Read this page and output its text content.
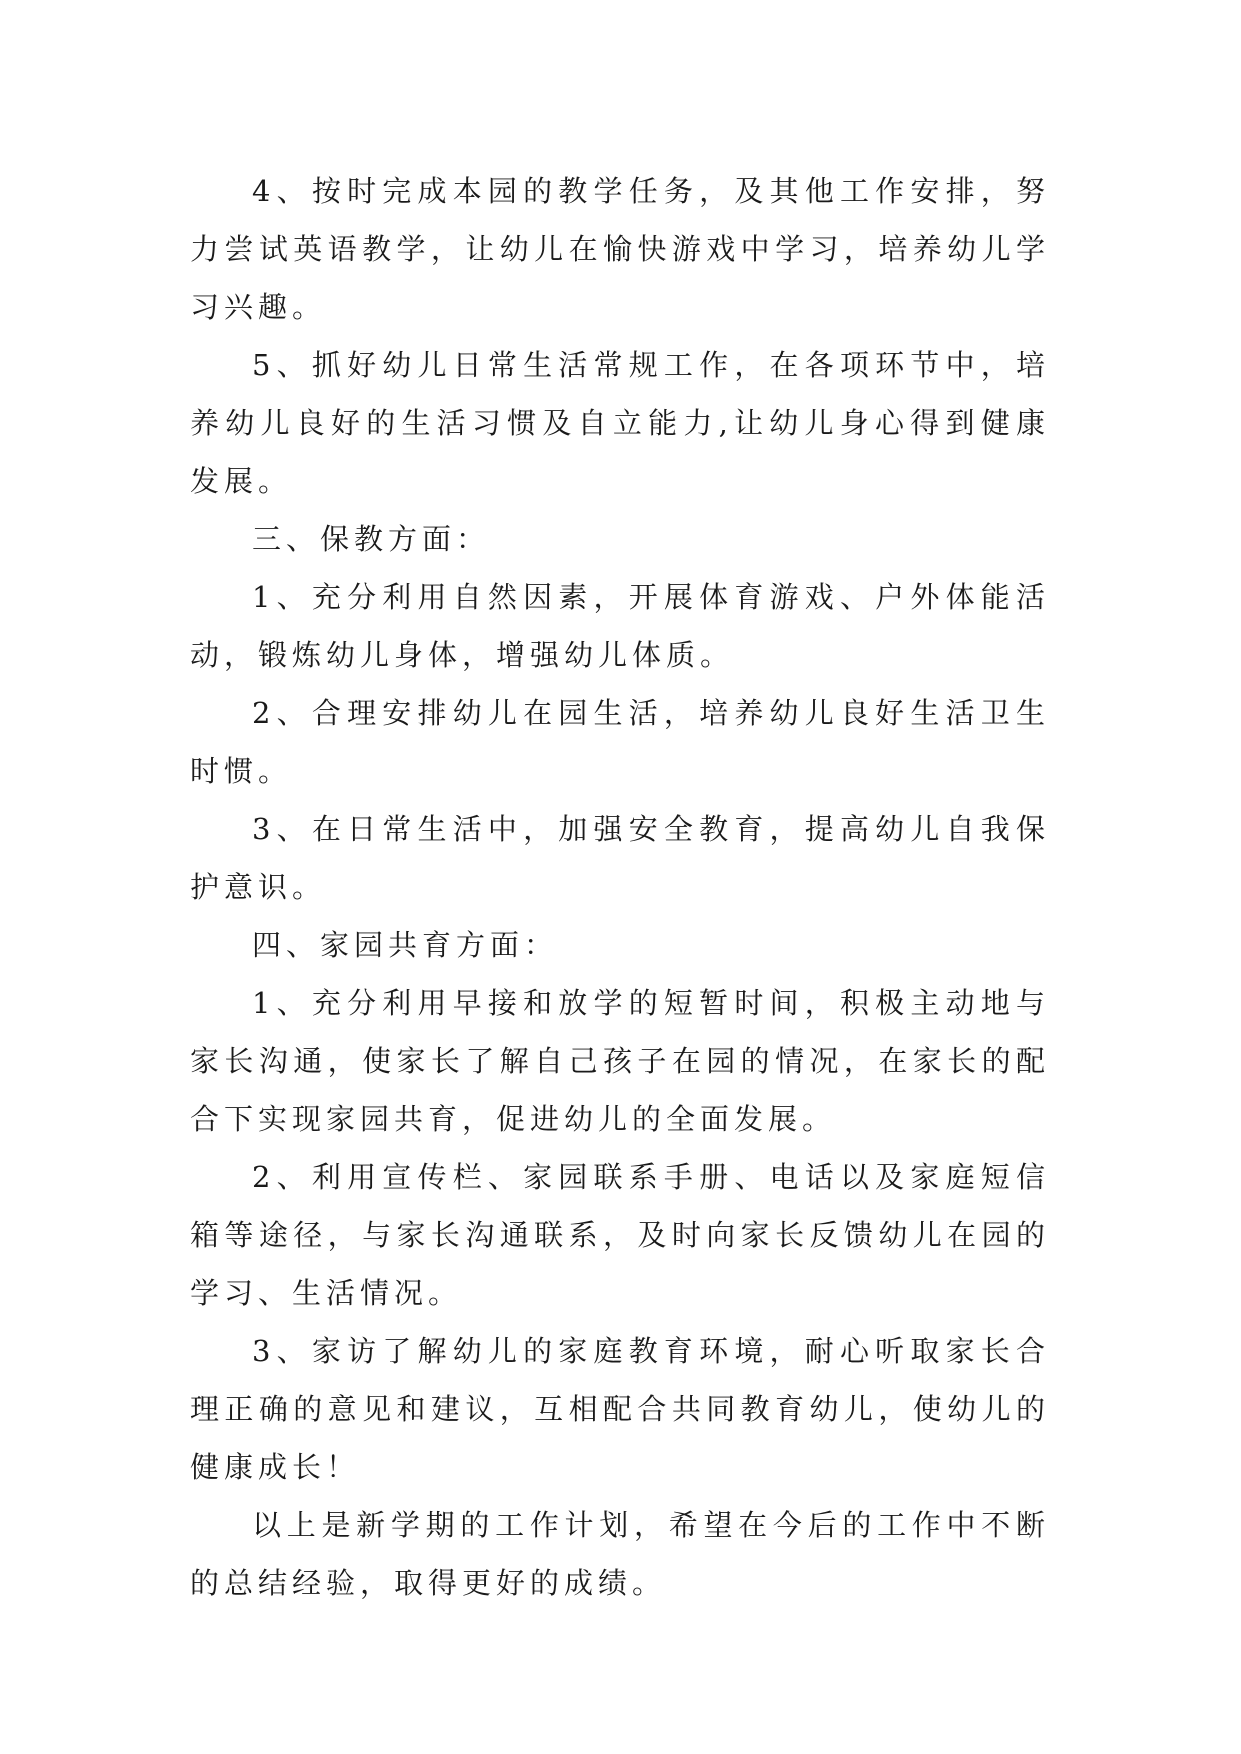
4、按时完成本园的教学任务，及其他工作安排，努力尝试英语教学，让幼儿在愉快游戏中学习，培养幼儿学习兴趣。

5、抓好幼儿日常生活常规工作，在各项环节中，培养幼儿良好的生活习惯及自立能力,让幼儿身心得到健康发展。

三、保教方面：

1、充分利用自然因素，开展体育游戏、户外体能活动，锻炼幼儿身体，增强幼儿体质。

2、合理安排幼儿在园生活，培养幼儿良好生活卫生时惯。

3、在日常生活中，加强安全教育，提高幼儿自我保护意识。

四、家园共育方面：

1、充分利用早接和放学的短暂时间，积极主动地与家长沟通，使家长了解自己孩子在园的情况，在家长的配合下实现家园共育，促进幼儿的全面发展。

2、利用宣传栏、家园联系手册、电话以及家庭短信箱等途径，与家长沟通联系，及时向家长反馈幼儿在园的学习、生活情况。

3、家访了解幼儿的家庭教育环境，耐心听取家长合理正确的意见和建议，互相配合共同教育幼儿，使幼儿的健康成长！

以上是新学期的工作计划，希望在今后的工作中不断的总结经验，取得更好的成绩。
